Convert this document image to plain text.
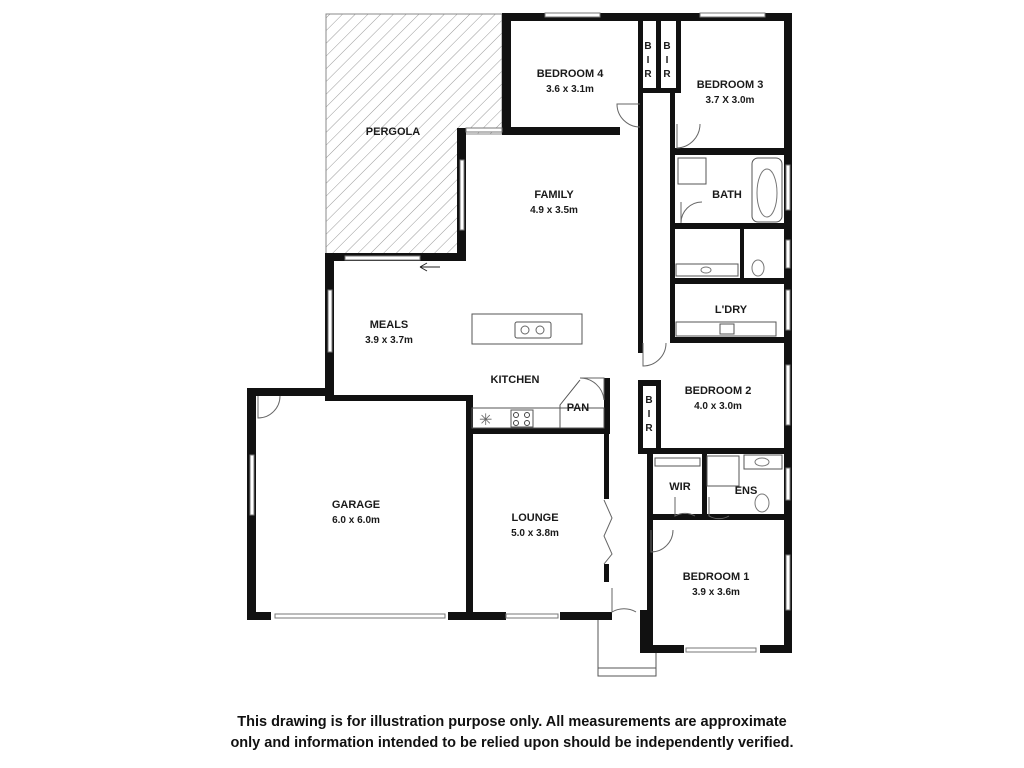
✳
PERGOLA
BEDROOM 4
3.6 x 3.1m	BEDROOM 3
3.7 X 3.0m
FAMILY
4.9 x 3.5m
BATH
L'DRY
MEALS
3.9 x 3.7m
KITCHEN
PAN
BEDROOM 2
4.0 x 3.0m
GARAGE
6.0 x 6.0m	LOUNGE
5.0 x 3.8m
WIR	ENS
BEDROOM 1
3.9 x 3.6m
B
I
R
B
I
R
B
I
R
This drawing is for illustration purpose only. All measurements are approximate
only and information intended to be relied upon should be independently verified.
